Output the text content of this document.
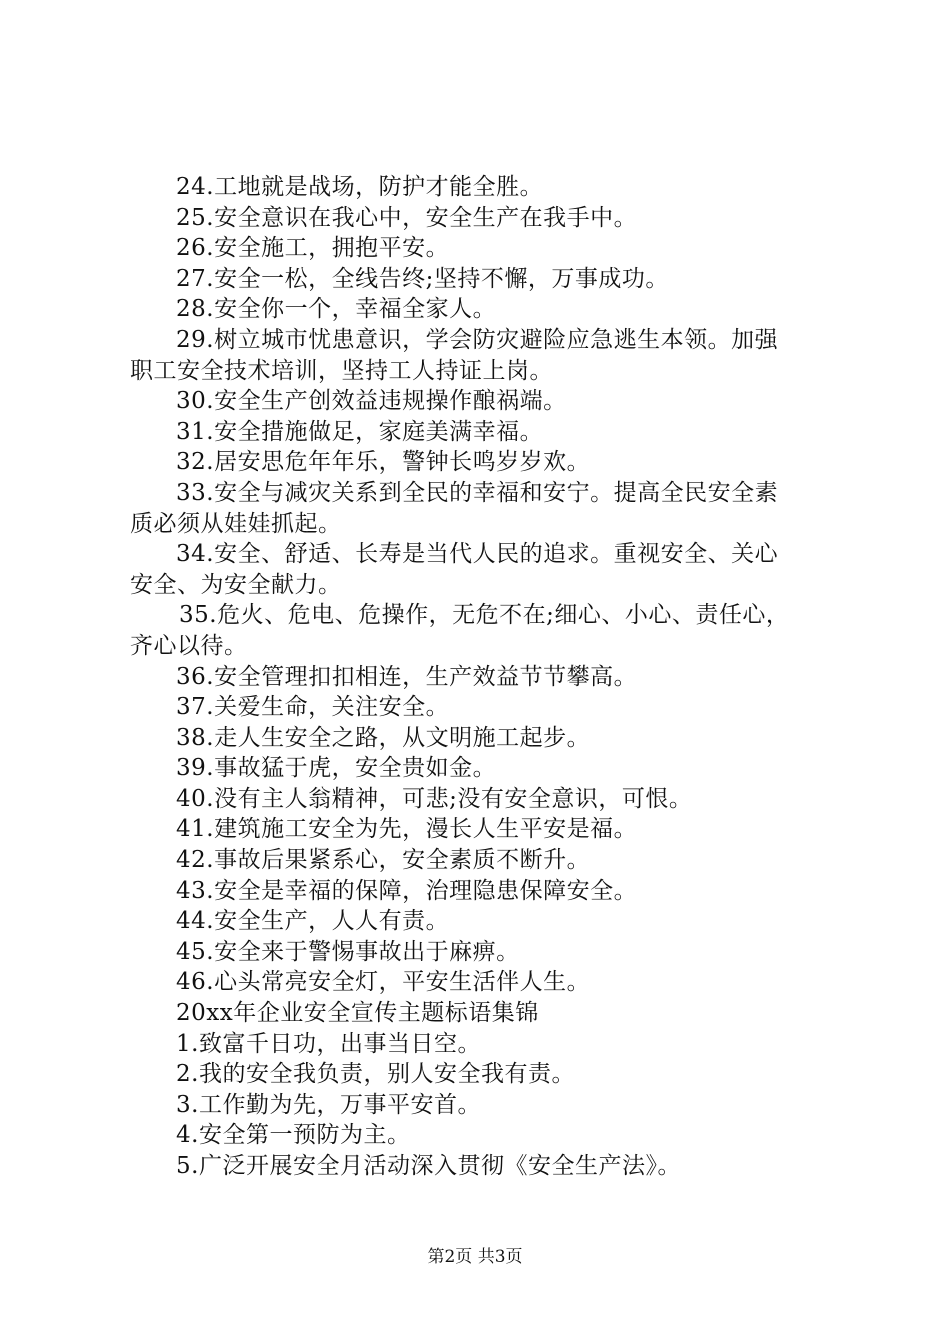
24.工地就是战场，防护才能全胜。
25.安全意识在我心中，安全生产在我手中。
26.安全施工，拥抱平安。
27.安全一松，全线告终;坚持不懈，万事成功。
28.安全你一个，幸福全家人。
29.树立城市忧患意识，学会防灾避险应急逃生本领。加强
职工安全技术培训，坚持工人持证上岗。
30.安全生产创效益违规操作酿祸端。
31.安全措施做足，家庭美满幸福。
32.居安思危年年乐，警钟长鸣岁岁欢。
33.安全与减灾关系到全民的幸福和安宁。提高全民安全素
质必须从娃娃抓起。
34.安全、舒适、长寿是当代人民的追求。重视安全、关心
安全、为安全献力。
35.危火、危电、危操作，无危不在;细心、小心、责任心，
齐心以待。
36.安全管理扣扣相连，生产效益节节攀高。
37.关爱生命，关注安全。
38.走人生安全之路，从文明施工起步。
39.事故猛于虎，安全贵如金。
40.没有主人翁精神，可悲;没有安全意识，可恨。
41.建筑施工安全为先，漫长人生平安是福。
42.事故后果紧系心，安全素质不断升。
43.安全是幸福的保障，治理隐患保障安全。
44.安全生产，人人有责。
45.安全来于警惕事故出于麻痹。
46.心头常亮安全灯，平安生活伴人生。
20xx年企业安全宣传主题标语集锦
1.致富千日功，出事当日空。
2.我的安全我负责，别人安全我有责。
3.工作勤为先，万事平安首。
4.安全第一预防为主。
5.广泛开展安全月活动深入贯彻《安全生产法》。
第2页 共3页
